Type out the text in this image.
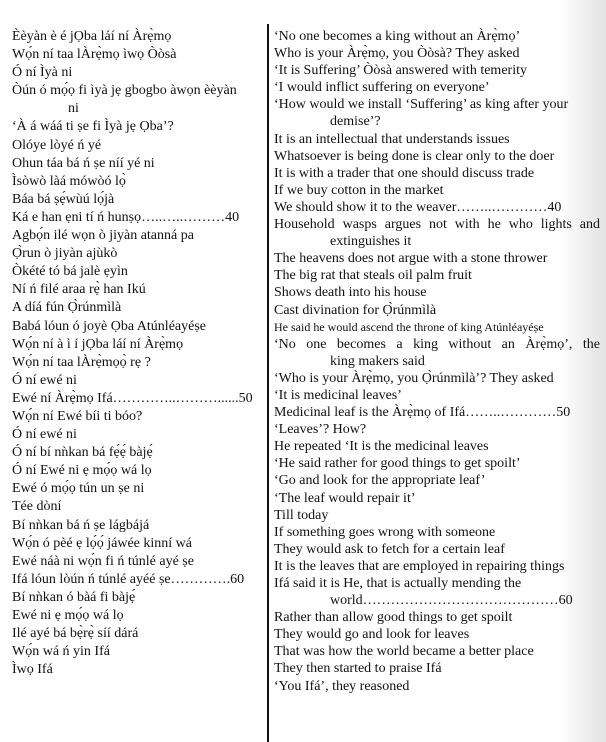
Èèyàn è é jỌba láí ní Àrẹ̀mọ
Wọ́n ní taa lÀrẹ̀mọ ìwọ Òòsà
Ó ní Ìyà ni
Òún ó mọ́ọ fi ìyà jẹ gbogbo àwọn èèyàn
ni
‘À á wáá ti ṣe fi Ìyà jẹ Ọba’?
Olóye lòyé ń yé
Ohun táa bá ń ṣe níí yé ni
Ìsòwò làá mówòó lọ̀
Báa bá ṣẹ́wùú lọ́jà
Ká e han ẹni tí ń hunṣọ…..…..………40
Agbọ́n ilé wọn ò jiyàn atanná pa
Ọ̀run ò jiyàn ajùkò
Òkété tó bá jalè ẹyìn
Ní ń filé araa rẹ̀ han Ikú
A díá fún Ọ̀rúnmìlà
Babá lóun ó joyè Ọba Atúnléayéṣe
Wọ́n ní à ì í jỌba láí ní Àrẹ̀mọ
Wọ́n ní taa lÀrẹ̀mọọ̀ rẹ ?
Ó ní ewé ni
Ewé ní Àrẹ̀mọ Ifá…………..………......50
Wọ́n ní Ewé bíi ti bóo?
Ó ní ewé ni
Ó ní bí nǹkan bá fẹ́ẹ́ bàjẹ́
Ó ní Ewé ni ẹ mọ́ọ wá lọ
Ewé ó mọ́ọ tún un ṣe ni
Tée dòní
Bí nǹkan bá ń ṣe lágbájá
Wọ́n ó pèé ẹ lọ́ọ́ jáwée kinní wá
Ewé náà ni wọ́n fi ń túnlé ayé ṣe
Ifá lóun lòún ń túnlé ayéé ṣe………….60
Bí nǹkan ó bàá fi bàjẹ́
Ewé ni ẹ mọ́ọ wá lọ
Ilé ayé bá bẹ̀rẹ̀ síí dárá
Wọ́n wá ń yin Ifá
Ìwọ Ifá
‘No one becomes a king without an Àrẹ̀mọ’
Who is your Àrẹ̀mọ, you Òòsà? They asked
‘It is Suffering’ Òòsà answered with temerity
‘I would inflict suffering on everyone’
‘How would we install ‘Suffering’ as king after your
demise’?
It is an intellectual that understands issues
Whatsoever is being done is clear only to the doer
It is with a trader that one should discuss trade
If we buy cotton in the market
We should show it to the weaver……..…………40
Household wasps argues not with he who lights and
extinguishes it
The heavens does not argue with a stone thrower
The big rat that steals oil palm fruit
Shows death into his house
Cast divination for Ọ̀rúnmìlà
He said he would ascend the throne of king Atúnléayéṣe
‘No one becomes a king without an Àrẹ̀mọ’, the
king makers said
‘Who is your Àrẹ̀mọ, you Ọ̀rúnmìlà’? They asked
‘It is medicinal leaves’
Medicinal leaf is the Àrẹ̀mọ of Ifá……..…………50
‘Leaves’? How?
He repeated ‘It is the medicinal leaves
‘He said rather for good things to get spoilt’
‘Go and look for the appropriate leaf’
‘The leaf would repair it’
Till today
If something goes wrong with someone
They would ask to fetch for a certain leaf
It is the leaves that are employed in repairing things
Ifá said it is He, that is actually mending the
world……………………………………60
Rather than allow good things to get spoilt
They would go and look for leaves
That was how the world became a better place
They then started to praise Ifá
‘You Ifá’, they reasoned
